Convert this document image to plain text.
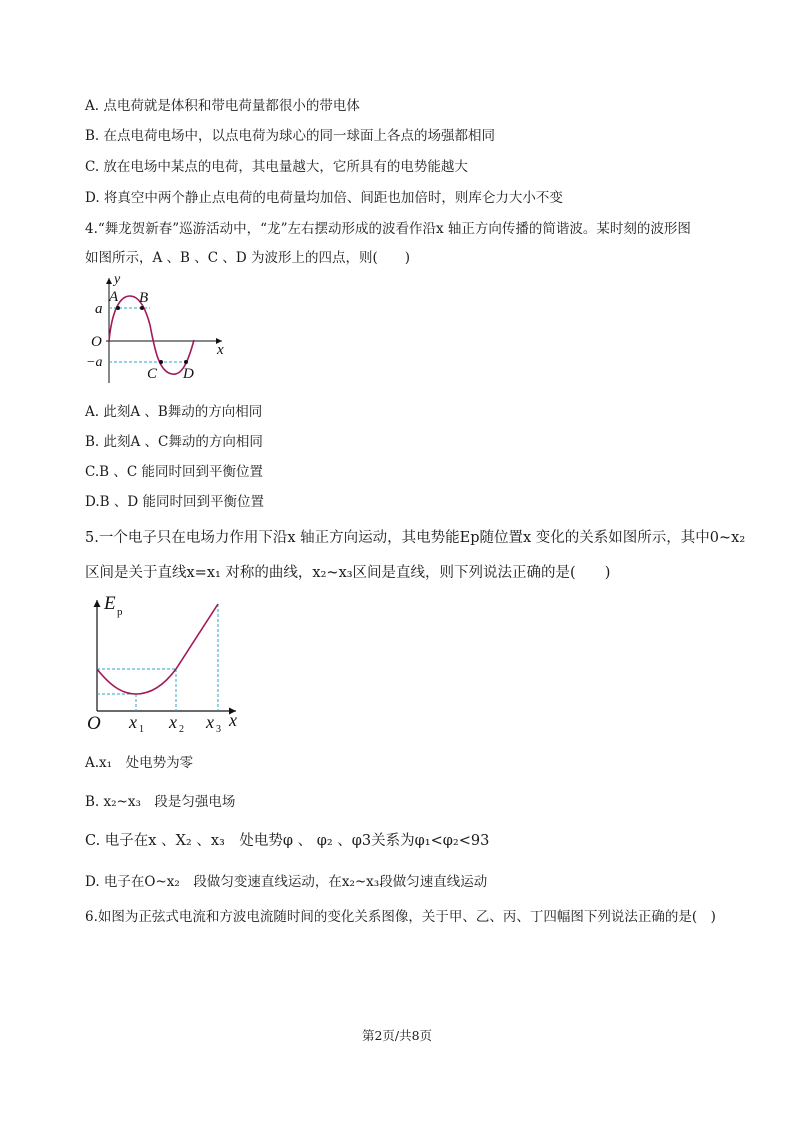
A. 点电荷就是体积和带电荷量都很小的带电体
B. 在点电荷电场中，以点电荷为球心的同一球面上各点的场强都相同
C. 放在电场中某点的电荷，其电量越大，它所具有的电势能越大
D. 将真空中两个静止点电荷的电荷量均加倍、间距也加倍时，则库仑力大小不变
4.“舞龙贺新春”巡游活动中，“龙”左右摆动形成的波看作沿x 轴正方向传播的简谐波。某时刻的波形图
如图所示，A 、B 、C 、D 为波形上的四点，则(　　)
y
x
O
a
−a
A B
C D
A. 此刻A 、B舞动的方向相同
B. 此刻A 、C舞动的方向相同
C.B 、C 能同时回到平衡位置
D.B 、D 能同时回到平衡位置
5.一个电子只在电场力作用下沿x 轴正方向运动，其电势能Ep随位置x 变化的关系如图所示，其中0~x₂
区间是关于直线x=x₁ 对称的曲线，x₂~x₃区间是直线，则下列说法正确的是(　　)
E p
O x 1 x 2 x 3 x
A.x₁　处电势为零
B. x₂~x₃　段是匀强电场
C. 电子在x 、X₂ 、x₃　处电势φ 、 φ₂ 、φ3关系为φ₁<φ₂<93
D. 电子在O~x₂　段做匀变速直线运动，在x₂~x₃段做匀速直线运动
6.如图为正弦式电流和方波电流随时间的变化关系图像，关于甲、乙、丙、丁四幅图下列说法正确的是(　)
第2页/共8页
